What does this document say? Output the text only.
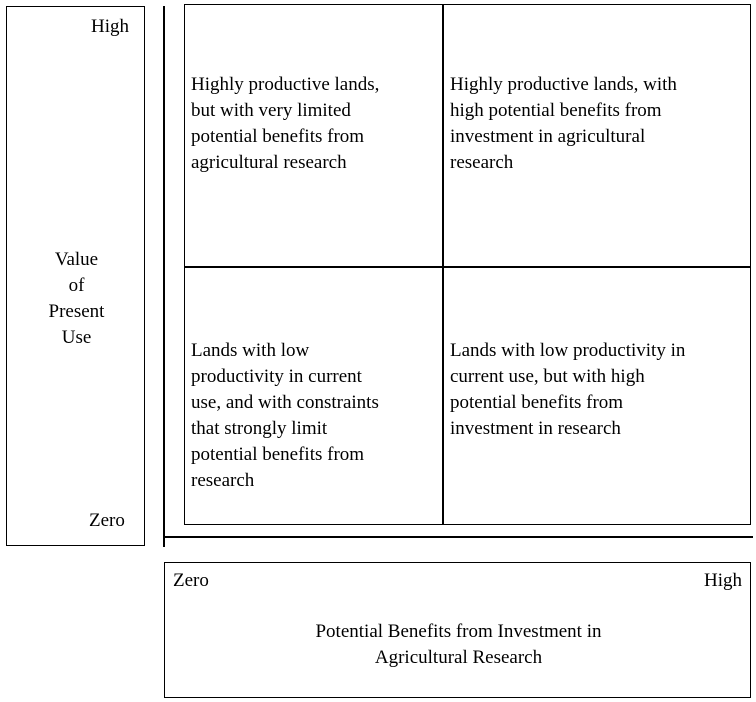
High
Value
of
Present
Use
Zero
Highly productive lands,
but with very limited
potential benefits from
agricultural research
Highly productive lands, with
high potential benefits from
investment in agricultural
research
Lands with low
productivity in current
use, and with constraints
that strongly limit
potential benefits from
research
Lands with low productivity in
current use, but with high
potential benefits from
investment in research
Zero	High
Potential Benefits from Investment in
Agricultural Research
